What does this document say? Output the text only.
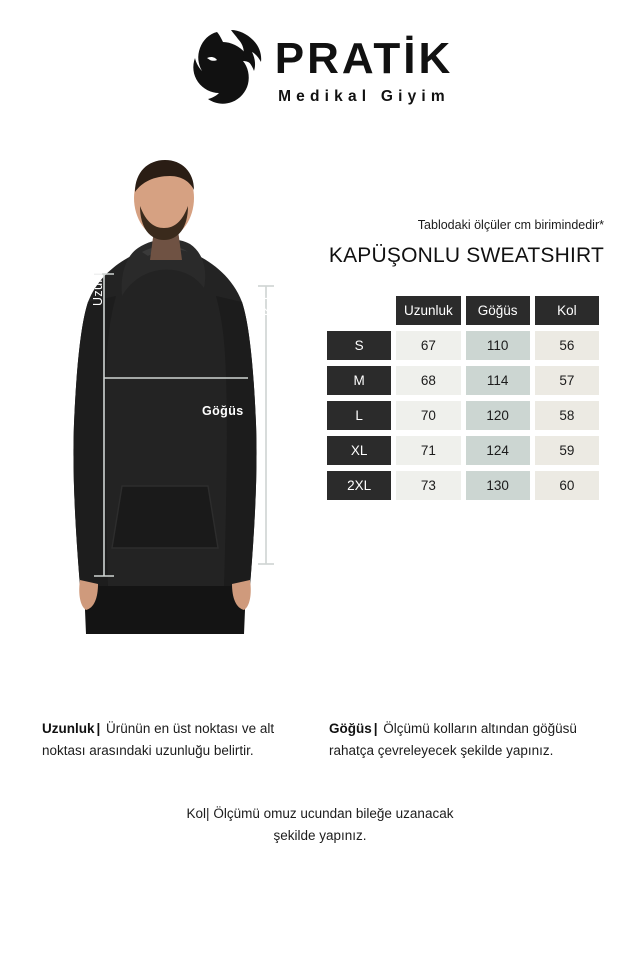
PRATİK
Medikal Giyim
Uzunluk
Kol
Göğüs
Tablodaki ölçüler cm birimindedir*
KAPÜŞONLU SWEATSHIRT
	Uzunluk	Göğüs	Kol
S	67	110	56
M	68	114	57
L	70	120	58
XL	71	124	59
2XL	73	130	60
Uzunluk | Ürünün en üst noktası ve alt noktası arasındaki uzunluğu belirtir.
Göğüs | Ölçümü kolların altından göğüsü rahatça çevreleyecek şekilde yapınız.
Kol| Ölçümü omuz ucundan bileğe uzanacak şekilde yapınız.
